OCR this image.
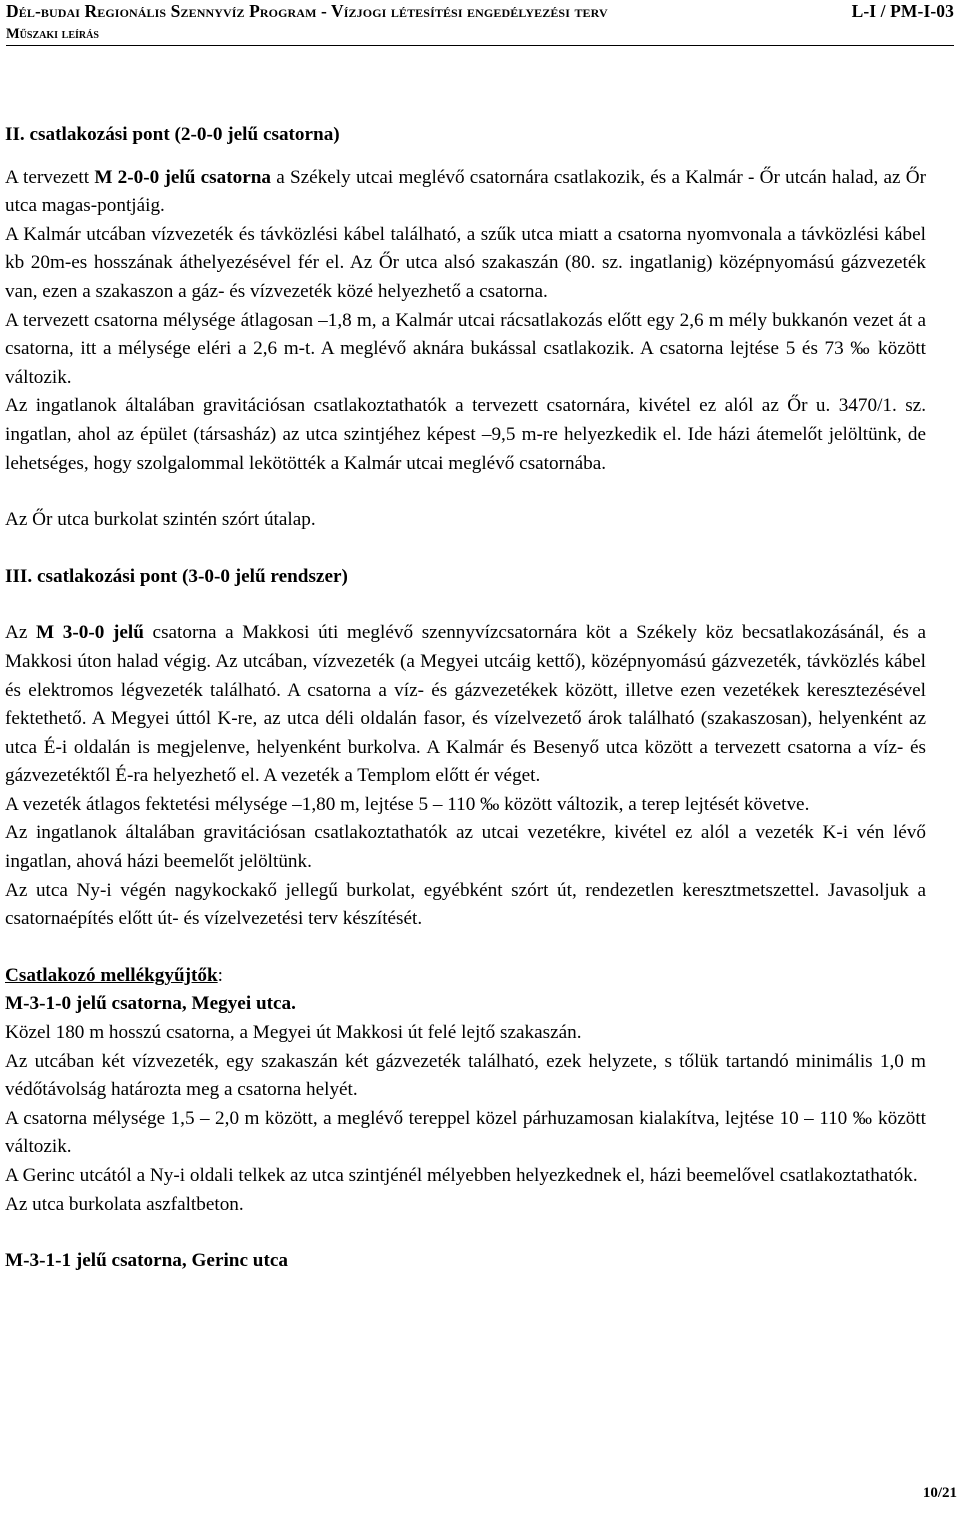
Dél-budai Regionális Szennyvíz Program - Vízjogi létesítési engedélyezési terv	L-I / PM-I-03
Műszaki leírás

II. csatlakozási pont (2-0-0 jelű csatorna)

A tervezett M 2-0-0 jelű csatorna a Székely utcai meglévő csatornára csatlakozik, és a Kalmár - Őr utcán halad, az Őr utca magas-pontjáig.

A Kalmár utcában vízvezeték és távközlési kábel található, a szűk utca miatt a csatorna nyomvonala a távközlési kábel kb 20m-es hosszának áthelyezésével fér el. Az Őr utca alsó szakaszán (80. sz. ingatlanig) középnyomású gázvezeték van, ezen a szakaszon a gáz- és vízvezeték közé helyezhető a csatorna.

A tervezett csatorna mélysége átlagosan –1,8 m, a Kalmár utcai rácsatlakozás előtt egy 2,6 m mély bukkanón vezet át a csatorna, itt a mélysége eléri a 2,6 m-t. A meglévő aknára bukással csatlakozik. A csatorna lejtése 5 és 73 ‰ között változik.

Az ingatlanok általában gravitációsan csatlakoztathatók a tervezett csatornára, kivétel ez alól az Őr u. 3470/1. sz. ingatlan, ahol az épület (társasház) az utca szintjéhez képest –9,5 m-re helyezkedik el. Ide házi átemelőt jelöltünk, de lehetséges, hogy szolgalommal lekötötték a Kalmár utcai meglévő csatornába.

Az Őr utca burkolat szintén szórt útalap.

III. csatlakozási pont (3-0-0 jelű rendszer)

Az M 3-0-0 jelű csatorna a Makkosi úti meglévő szennyvízcsatornára köt a Székely köz becsatlakozásánál, és a Makkosi úton halad végig. Az utcában, vízvezeték (a Megyei utcáig kettő), középnyomású gázvezeték, távközlés kábel és elektromos légvezeték található. A csatorna a víz- és gázvezetékek között, illetve ezen vezetékek keresztezésével fektethető. A Megyei úttól K-re, az utca déli oldalán fasor, és vízelvezető árok található (szakaszosan), helyenként az utca É-i oldalán is megjelenve, helyenként burkolva. A Kalmár és Besenyő utca között a tervezett csatorna a víz- és gázvezetéktől É-ra helyezhető el. A vezeték a Templom előtt ér véget.

A vezeték átlagos fektetési mélysége –1,80 m, lejtése 5 – 110 ‰ között változik, a terep lejtését követve.

Az ingatlanok általában gravitációsan csatlakoztathatók az utcai vezetékre, kivétel ez alól a vezeték K-i vén lévő ingatlan, ahová házi beemelőt jelöltünk.

Az utca Ny-i végén nagykockakő jellegű burkolat, egyébként szórt út, rendezetlen keresztmetszettel. Javasoljuk a csatornaépítés előtt út- és vízelvezetési terv készítését.

Csatlakozó mellékgyűjtők:

M-3-1-0 jelű csatorna, Megyei utca.

Közel 180 m hosszú csatorna, a Megyei út Makkosi út felé lejtő szakaszán.

Az utcában két vízvezeték, egy szakaszán két gázvezeték található, ezek helyzete, s tőlük tartandó minimális 1,0 m védőtávolság határozta meg a csatorna helyét.

A csatorna mélysége 1,5 – 2,0 m között, a meglévő tereppel közel párhuzamosan kialakítva, lejtése 10 – 110 ‰ között változik.

A Gerinc utcától a Ny-i oldali telkek az utca szintjénél mélyebben helyezkednek el, házi beemelővel csatlakoztathatók.

Az utca burkolata aszfaltbeton.

M-3-1-1 jelű csatorna, Gerinc utca

10/21
